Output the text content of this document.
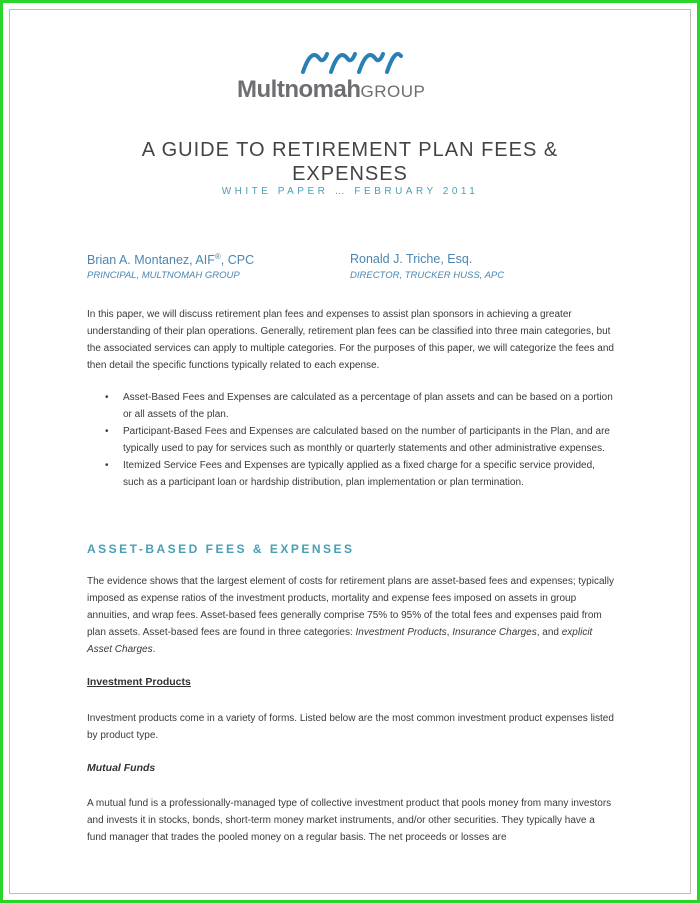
MultnomahGROUP
A GUIDE TO RETIREMENT PLAN FEES & EXPENSES
WHITE PAPER … FEBRUARY 2011
Brian A. Montanez, AIF®, CPC
PRINCIPAL, MULTNOMAH GROUP
Ronald J. Triche, Esq.
DIRECTOR, TRUCKER HUSS, APC

In this paper, we will discuss retirement plan fees and expenses to assist plan sponsors in achieving a greater understanding of their plan operations. Generally, retirement plan fees can be classified into three main categories, but the associated services can apply to multiple categories. For the purposes of this paper, we will categorize the fees and then detail the specific functions typically related to each expense.

• Asset-Based Fees and Expenses are calculated as a percentage of plan assets and can be based on a portion or all assets of the plan.
• Participant-Based Fees and Expenses are calculated based on the number of participants in the Plan, and are typically used to pay for services such as monthly or quarterly statements and other administrative expenses.
• Itemized Service Fees and Expenses are typically applied as a fixed charge for a specific service provided, such as a participant loan or hardship distribution, plan implementation or plan termination.
ASSET-BASED FEES & EXPENSES

The evidence shows that the largest element of costs for retirement plans are asset-based fees and expenses; typically imposed as expense ratios of the investment products, mortality and expense fees imposed on assets in group annuities, and wrap fees. Asset-based fees generally comprise 75% to 95% of the total fees and expenses paid from plan assets. Asset-based fees are found in three categories: Investment Products, Insurance Charges, and explicit Asset Charges.

Investment Products

Investment products come in a variety of forms. Listed below are the most common investment product expenses listed by product type.

Mutual Funds

A mutual fund is a professionally-managed type of collective investment product that pools money from many investors and invests it in stocks, bonds, short-term money market instruments, and/or other securities. They typically have a fund manager that trades the pooled money on a regular basis. The net proceeds or losses are
